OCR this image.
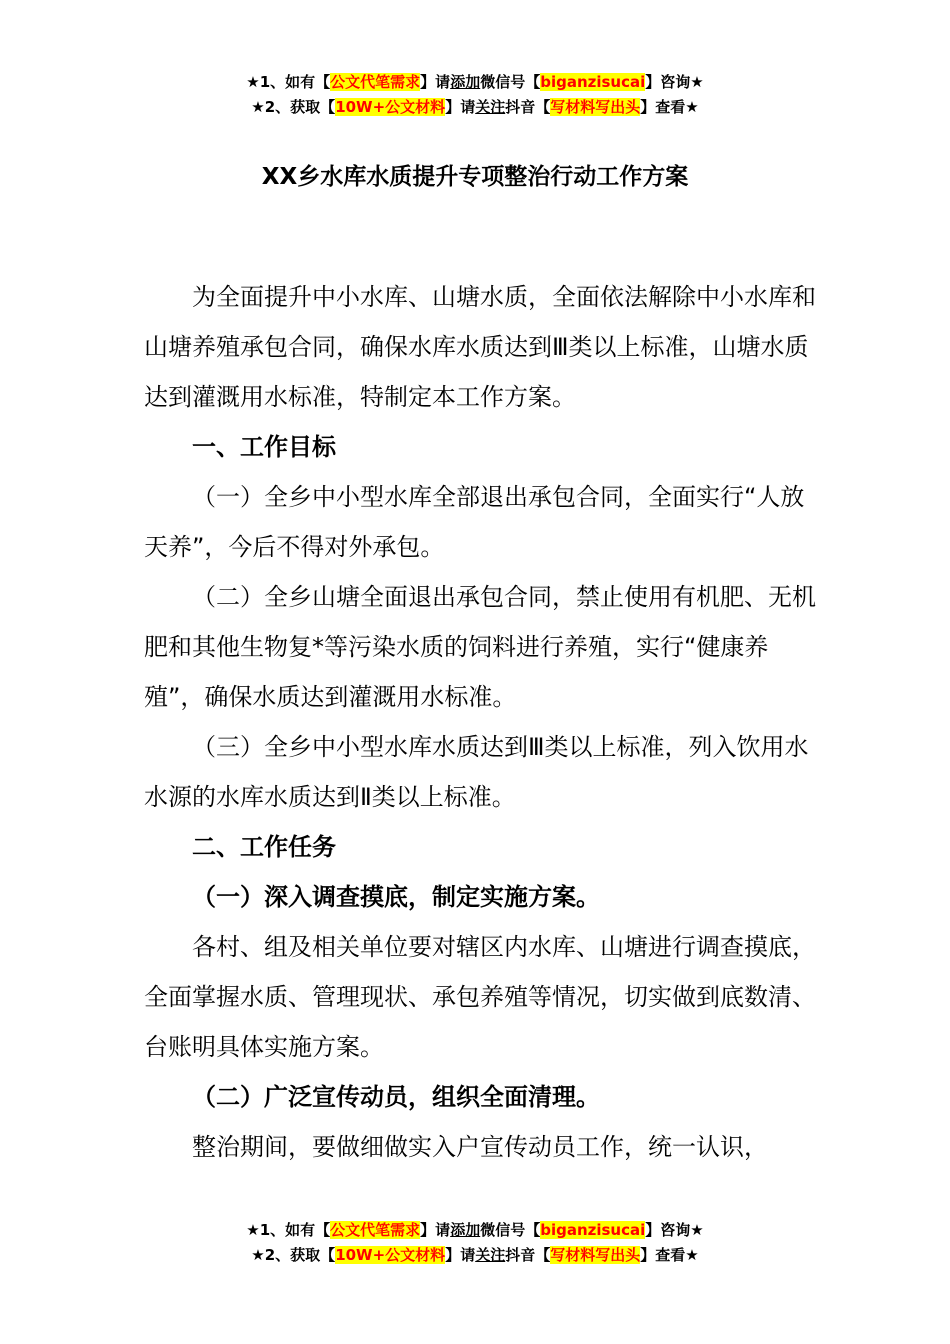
★1、如有【公文代笔需求】请添加微信号【biganzisucai】咨询★
★2、获取【10W+公文材料】请关注抖音【写材料写出头】查看★
XX乡水库水质提升专项整治行动工作方案

为全面提升中小水库、山塘水质，全面依法解除中小水库和山塘养殖承包合同，确保水库水质达到Ⅲ类以上标准，山塘水质达到灌溉用水标准，特制定本工作方案。

一、工作目标

（一）全乡中小型水库全部退出承包合同，全面实行“人放天养”，今后不得对外承包。

（二）全乡山塘全面退出承包合同，禁止使用有机肥、无机肥和其他生物复*等污染水质的饲料进行养殖，实行“健康养殖”，确保水质达到灌溉用水标准。

（三）全乡中小型水库水质达到Ⅲ类以上标准，列入饮用水水源的水库水质达到Ⅱ类以上标准。

二、工作任务

（一）深入调查摸底，制定实施方案。

各村、组及相关单位要对辖区内水库、山塘进行调查摸底，全面掌握水质、管理现状、承包养殖等情况，切实做到底数清、台账明具体实施方案。

（二）广泛宣传动员，组织全面清理。

整治期间，要做细做实入户宣传动员工作，统一认识，

★1、如有【公文代笔需求】请添加微信号【biganzisucai】咨询★
★2、获取【10W+公文材料】请关注抖音【写材料写出头】查看★
